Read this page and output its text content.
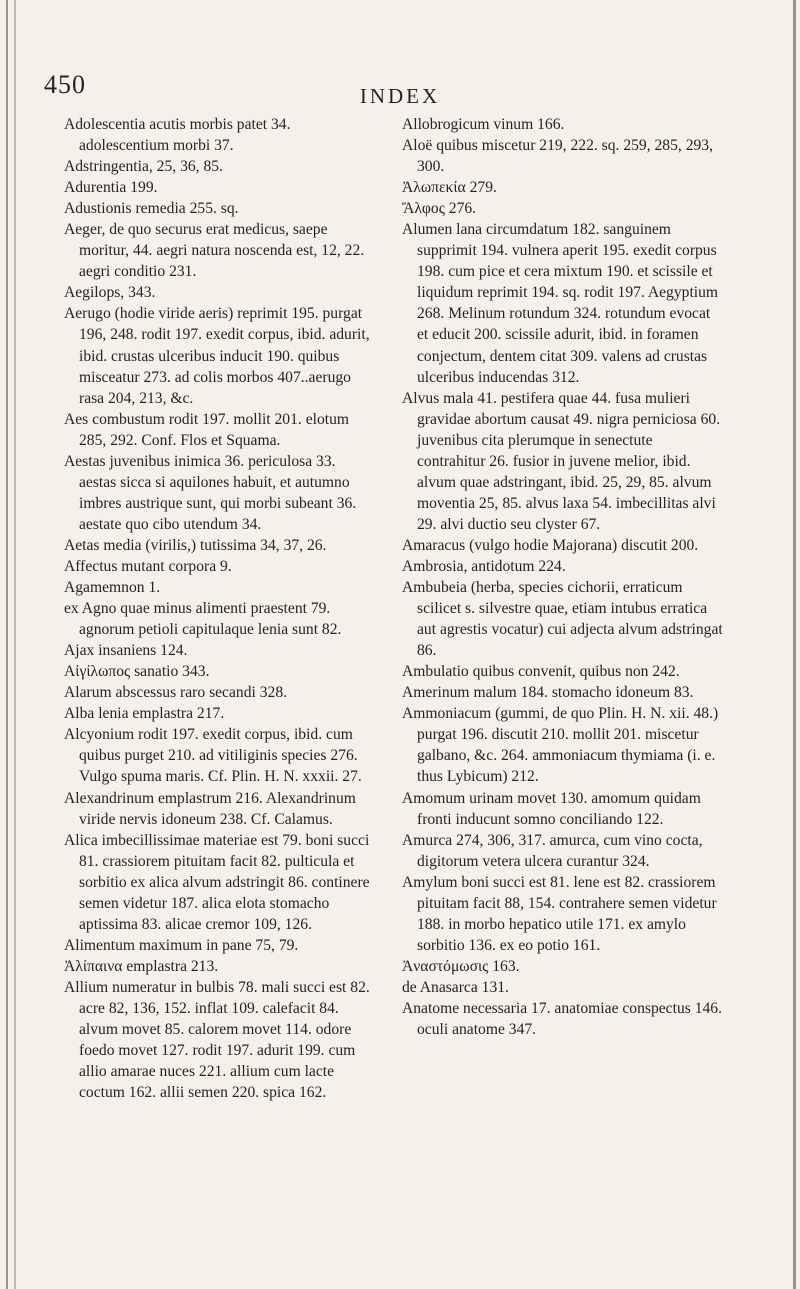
450	INDEX

Adolescentia acutis morbis patet 34. adolescentium morbi 37.

Adstringentia, 25, 36, 85.

Adurentia 199.

Adustionis remedia 255. sq.

Aeger, de quo securus erat medicus, saepe moritur, 44. aegri natura noscenda est, 12, 22. aegri conditio 231.

Aegilops, 343.

Aerugo (hodie viride aeris) reprimit 195. purgat 196, 248. rodit 197. exedit corpus, ibid. adurit, ibid. crustas ulceribus inducit 190. quibus misceatur 273. ad colis morbos 407..aerugo rasa 204, 213, &c.

Aes combustum rodit 197. mollit 201. elotum 285, 292. Conf. Flos et Squama.

Aestas juvenibus inimica 36. periculosa 33. aestas sicca si aquilones habuit, et autumno imbres austrique sunt, qui morbi subeant 36. aestate quo cibo utendum 34.

Aetas media (virilis,) tutissima 34, 37, 26.

Affectus mutant corpora 9.

Agamemnon 1.

ex Agno quae minus alimenti praestent 79. agnorum petioli capitulaque lenia sunt 82.

Ajax insaniens 124.

Αἰγίλωπος sanatio 343.

Alarum abscessus raro secandi 328.

Alba lenia emplastra 217.

Alcyonium rodit 197. exedit corpus, ibid. cum quibus purget 210. ad vitiliginis species 276. Vulgo spuma maris. Cf. Plin. H. N. xxxii. 27.

Alexandrinum emplastrum 216. Alexandrinum viride nervis idoneum 238. Cf. Calamus.

Alica imbecillissimae materiae est 79. boni succi 81. crassiorem pituitam facit 82. pulticula et sorbitio ex alica alvum adstringit 86. continere semen videtur 187. alica elota stomacho aptissima 83. alicae cremor 109, 126.

Alimentum maximum in pane 75, 79.

Ἀλίπαινα emplastra 213.

Allium numeratur in bulbis 78. mali succi est 82. acre 82, 136, 152. inflat 109. calefacit 84. alvum movet 85. calorem movet 114. odore foedo movet 127. rodit 197. adurit 199. cum allio amarae nuces 221. allium cum lacte coctum 162. allii semen 220. spica 162.

Allobrogicum vinum 166.

Aloë quibus miscetur 219, 222. sq. 259, 285, 293, 300.

Ἀλωπεκία 279.

Ἄλφος 276.

Alumen lana circumdatum 182. sanguinem supprimit 194. vulnera aperit 195. exedit corpus 198. cum pice et cera mixtum 190. et scissile et liquidum reprimit 194. sq. rodit 197. Aegyptium 268. Melinum rotundum 324. rotundum evocat et educit 200. scissile adurit, ibid. in foramen conjectum, dentem citat 309. valens ad crustas ulceribus inducendas 312.

Alvus mala 41. pestifera quae 44. fusa mulieri gravidae abortum causat 49. nigra perniciosa 60. juvenibus cita plerumque in senectute contrahitur 26. fusior in juvene melior, ibid. alvum quae adstringant, ibid. 25, 29, 85. alvum moventia 25, 85. alvus laxa 54. imbecillitas alvi 29. alvi ductio seu clyster 67.

Amaracus (vulgo hodie Majorana) discutit 200.

Ambrosia, antidotum 224.

Ambubeia (herba, species cichorii, erraticum scilicet s. silvestre quae, etiam intubus erratica aut agrestis vocatur) cui adjecta alvum adstringat 86.

Ambulatio quibus convenit, quibus non 242.

Amerinum malum 184. stomacho idoneum 83.

Ammoniacum (gummi, de quo Plin. H. N. xii. 48.) purgat 196. discutit 210. mollit 201. miscetur galbano, &c. 264. ammoniacum thymiama (i. e. thus Lybicum) 212.

Amomum urinam movet 130. amomum quidam fronti inducunt somno conciliando 122.

Amurca 274, 306, 317. amurca, cum vino cocta, digitorum vetera ulcera curantur 324.

Amylum boni succi est 81. lene est 82. crassiorem pituitam facit 88, 154. contrahere semen videtur 188. in morbo hepatico utile 171. ex amylo sorbitio 136. ex eo potio 161.

Ἀναστόμωσις 163.

de Anasarca 131.

Anatome necessaria 17. anatomiae conspectus 146. oculi anatome 347.
